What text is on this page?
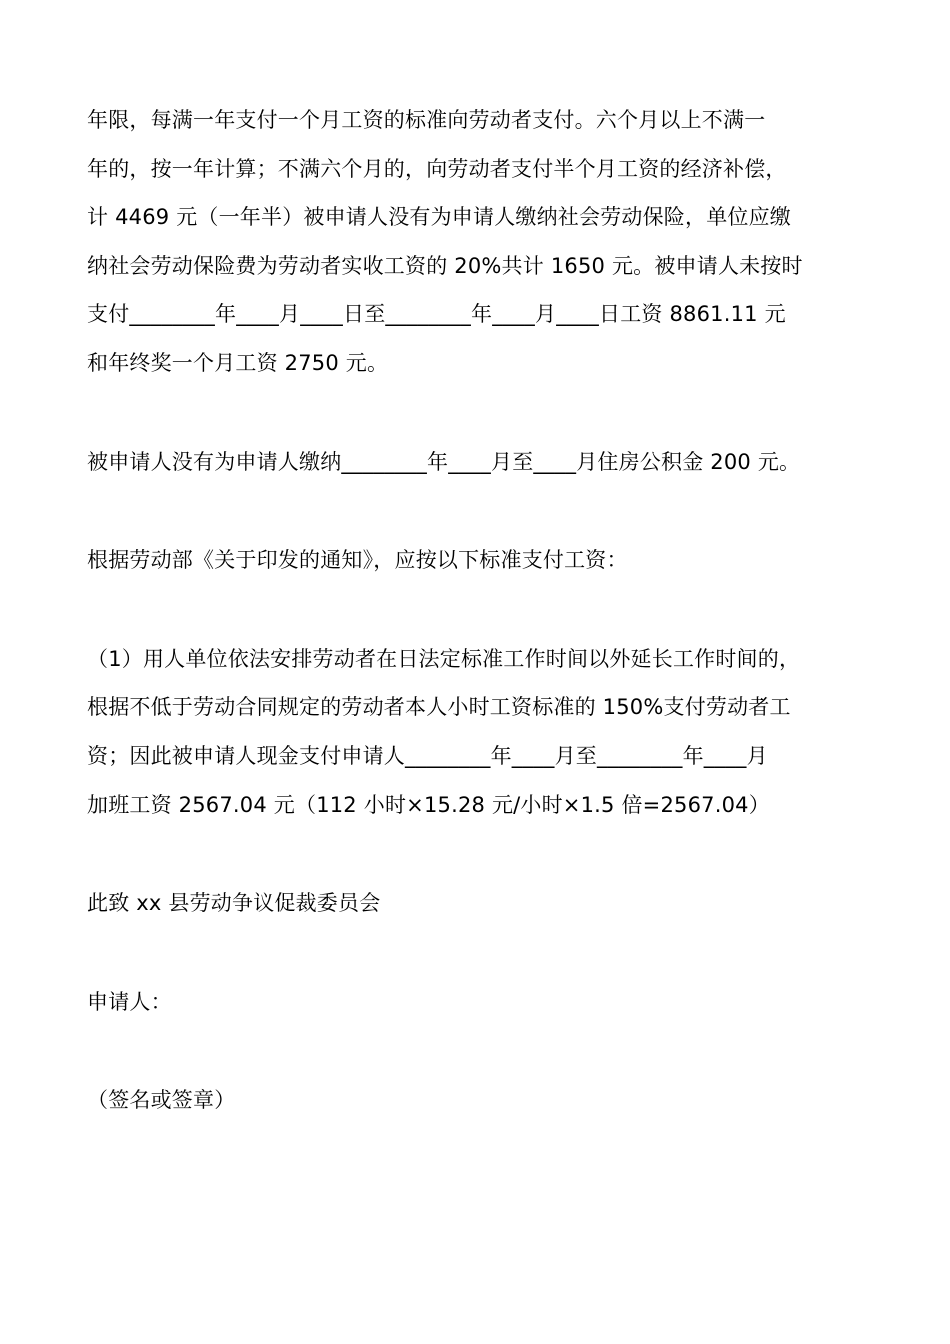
年限，每满一年支付一个月工资的标准向劳动者支付。六个月以上不满一
年的，按一年计算；不满六个月的，向劳动者支付半个月工资的经济补偿，
计 4469 元（一年半）被申请人没有为申请人缴纳社会劳动保险，单位应缴
纳社会劳动保险费为劳动者实收工资的 20%共计 1650 元。被申请人未按时
支付________年____月____日至________年____月____日工资 8861.11 元
和年终奖一个月工资 2750 元。
被申请人没有为申请人缴纳________年____月至____月住房公积金 200 元。
根据劳动部《关于印发的通知》，应按以下标准支付工资：
（1）用人单位依法安排劳动者在日法定标准工作时间以外延长工作时间的，
根据不低于劳动合同规定的劳动者本人小时工资标准的 150%支付劳动者工
资；因此被申请人现金支付申请人________年____月至________年____月
加班工资 2567.04 元（112 小时×15.28 元/小时×1.5 倍=2567.04）
此致 xx 县劳动争议促裁委员会
申请人：
（签名或签章）
